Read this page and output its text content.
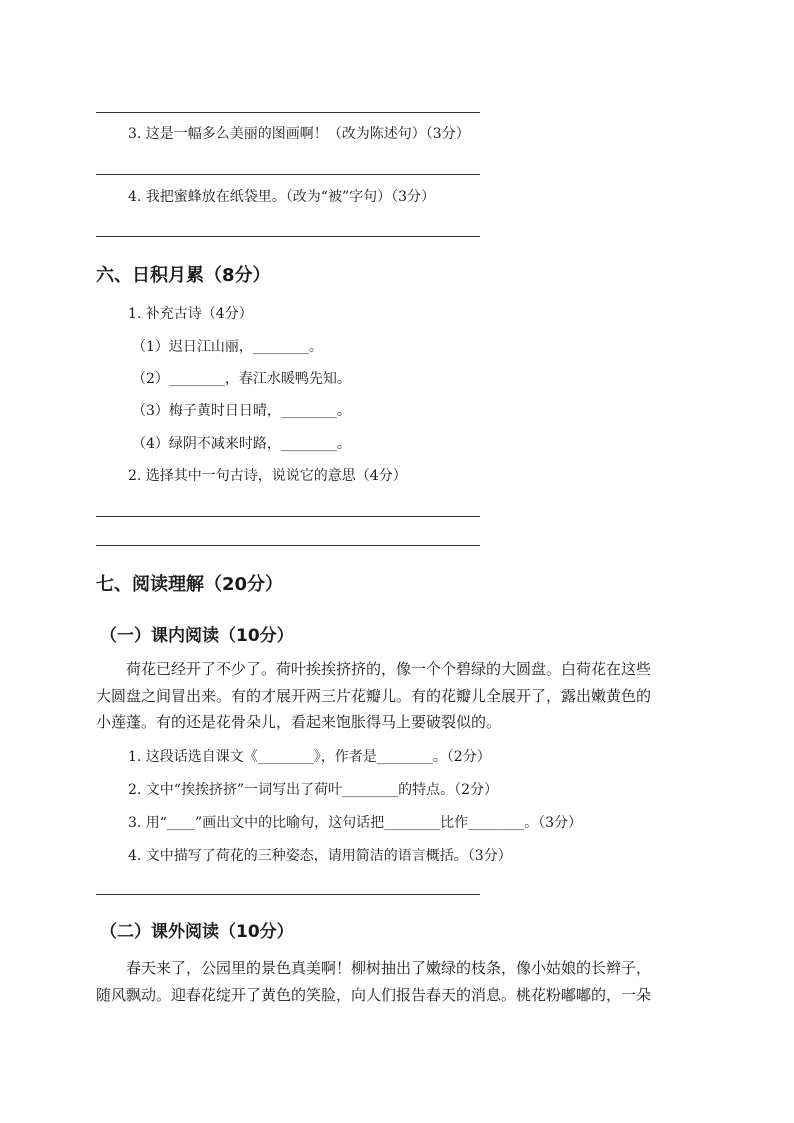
3. 这是一幅多么美丽的图画啊！（改为陈述句）（3分）
4. 我把蜜蜂放在纸袋里。（改为“被”字句）（3分）
六、日积月累（8分）
1. 补充古诗（4分）
（1）迟日江山丽，________。
（2）________，春江水暖鸭先知。
（3）梅子黄时日日晴，________。
（4）绿阴不减来时路，________。
2. 选择其中一句古诗，说说它的意思（4分）
七、阅读理解（20分）
（一）课内阅读（10分）
　　荷花已经开了不少了。荷叶挨挨挤挤的，像一个个碧绿的大圆盘。白荷花在这些
大圆盘之间冒出来。有的才展开两三片花瓣儿。有的花瓣儿全展开了，露出嫩黄色的
小莲蓬。有的还是花骨朵儿，看起来饱胀得马上要破裂似的。
1. 这段话选自课文《________》，作者是________。（2分）
2. 文中“挨挨挤挤”一词写出了荷叶________的特点。（2分）
3. 用“____”画出文中的比喻句，这句话把________比作________。（3分）
4. 文中描写了荷花的三种姿态，请用简洁的语言概括。（3分）
（二）课外阅读（10分）
　　春天来了，公园里的景色真美啊！柳树抽出了嫩绿的枝条，像小姑娘的长辫子，
随风飘动。迎春花绽开了黄色的笑脸，向人们报告春天的消息。桃花粉嘟嘟的，一朵
